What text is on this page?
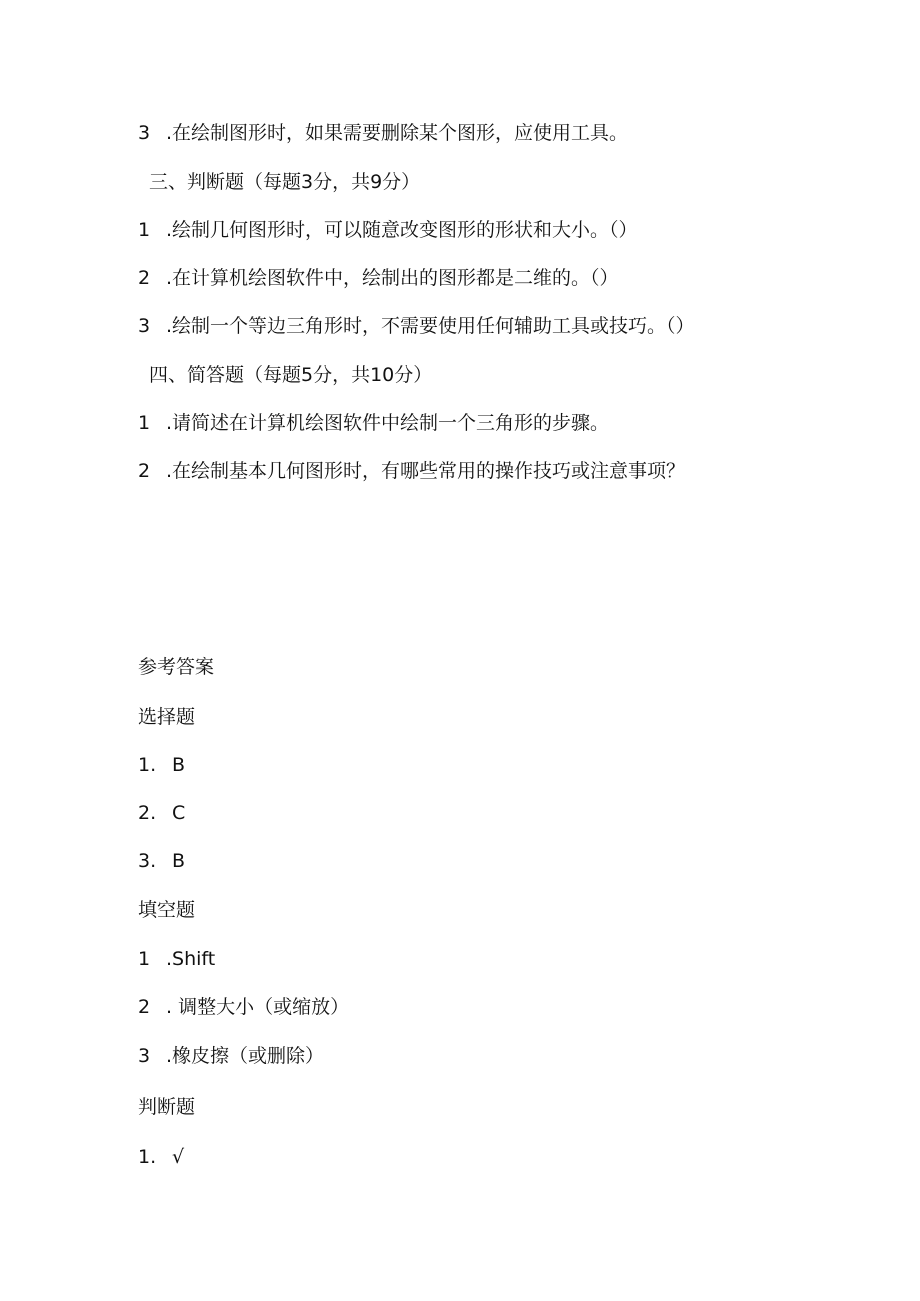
3 .在绘制图形时，如果需要删除某个图形，应使用工具。
三、判断题（每题3分，共9分）
1 .绘制几何图形时，可以随意改变图形的形状和大小。（）
2 .在计算机绘图软件中，绘制出的图形都是二维的。（）
3 .绘制一个等边三角形时，不需要使用任何辅助工具或技巧。（）
四、简答题（每题5分，共10分）
1 .请简述在计算机绘图软件中绘制一个三角形的步骤。
2 .在绘制基本几何图形时，有哪些常用的操作技巧或注意事项？
参考答案
选择题
1. B
2. C
3. B
填空题
1 .Shift
2 . 调整大小（或缩放）
3 .橡皮擦（或删除）
判断题
1. √
